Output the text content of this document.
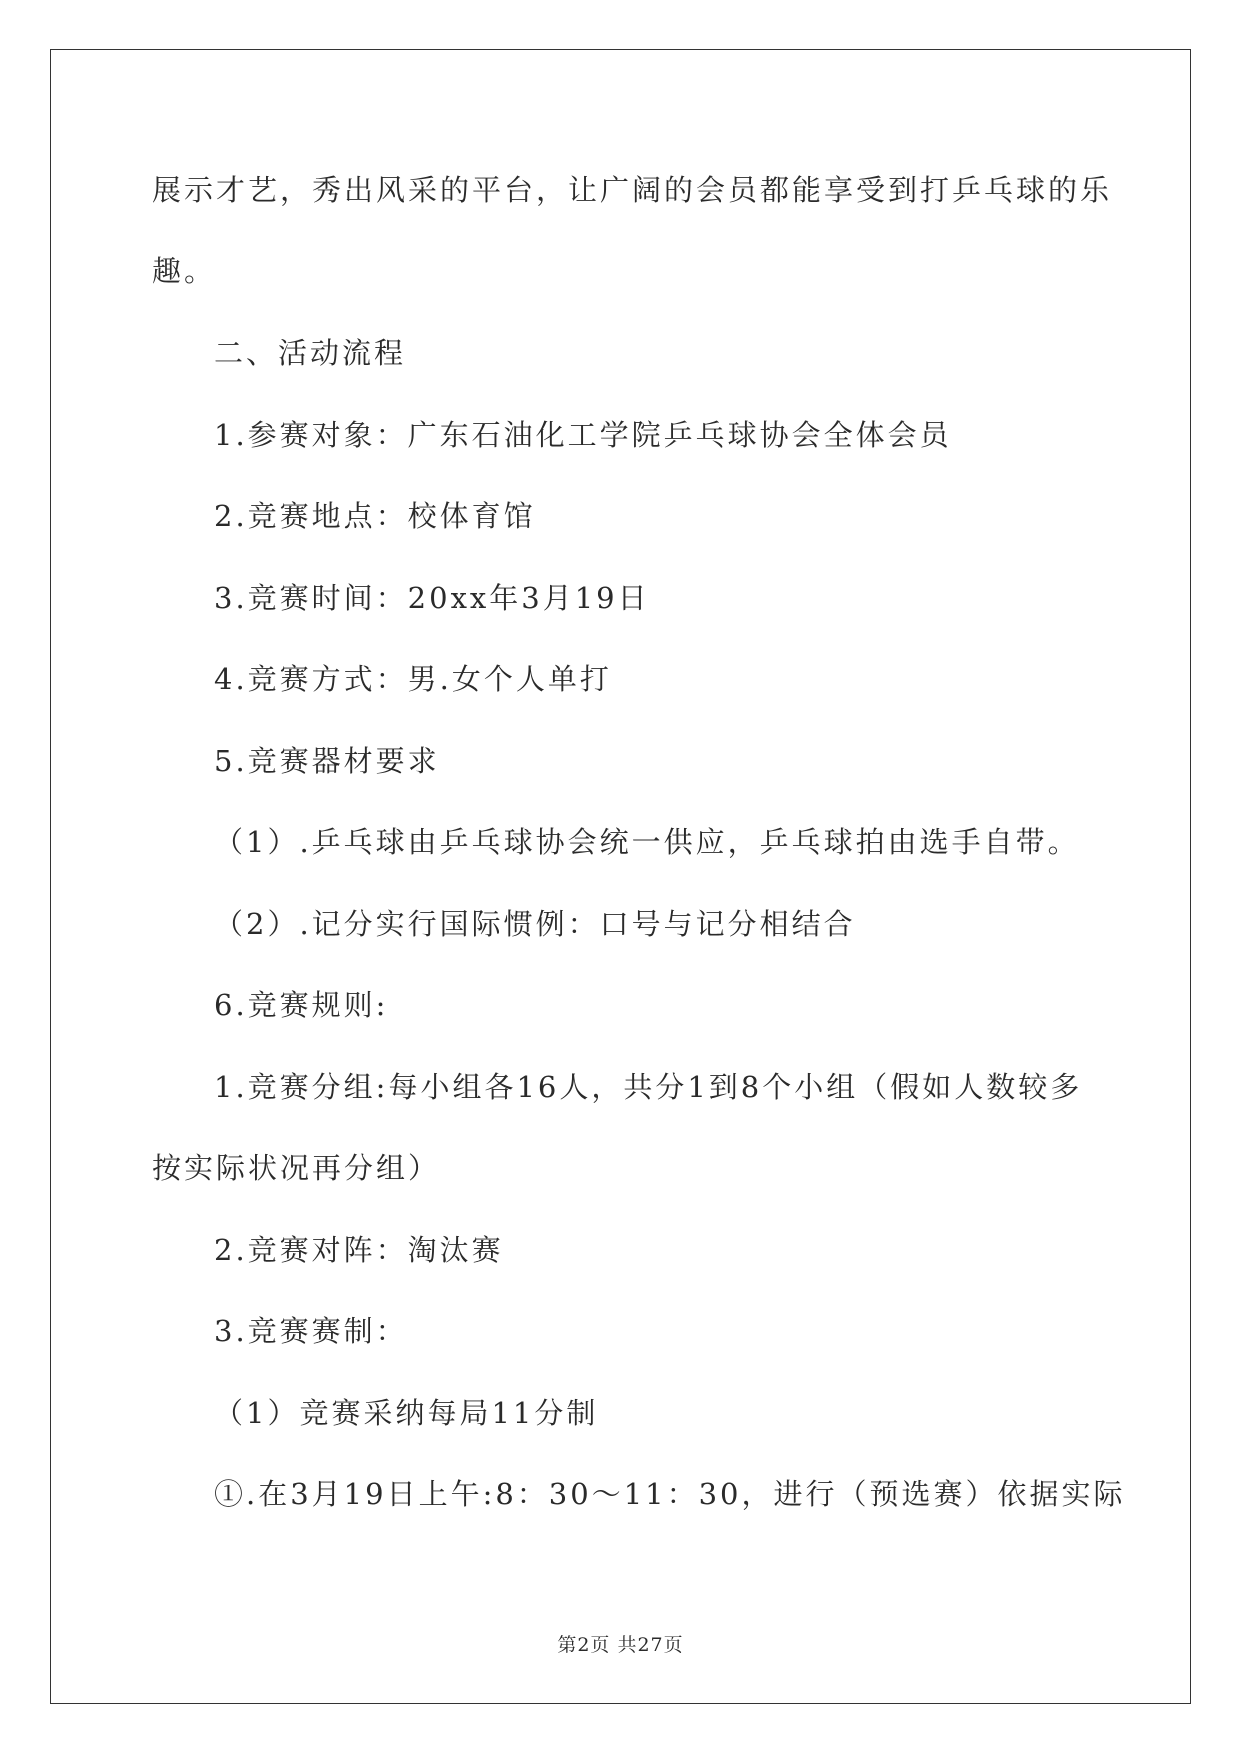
展示才艺，秀出风采的平台，让广阔的会员都能享受到打乒乓球的乐
趣。
二、活动流程
1.参赛对象：广东石油化工学院乒乓球协会全体会员
2.竞赛地点：校体育馆
3.竞赛时间：20xx年3月19日
4.竞赛方式：男.女个人单打
5.竞赛器材要求
（1）.乒乓球由乒乓球协会统一供应，乒乓球拍由选手自带。
（2）.记分实行国际惯例：口号与记分相结合
6.竞赛规则:
1.竞赛分组:每小组各16人，共分1到8个小组（假如人数较多
按实际状况再分组）
2.竞赛对阵：淘汰赛
3.竞赛赛制：
（1）竞赛采纳每局11分制
①.在3月19日上午:8：30～11：30，进行（预选赛）依据实际
第2页 共27页
